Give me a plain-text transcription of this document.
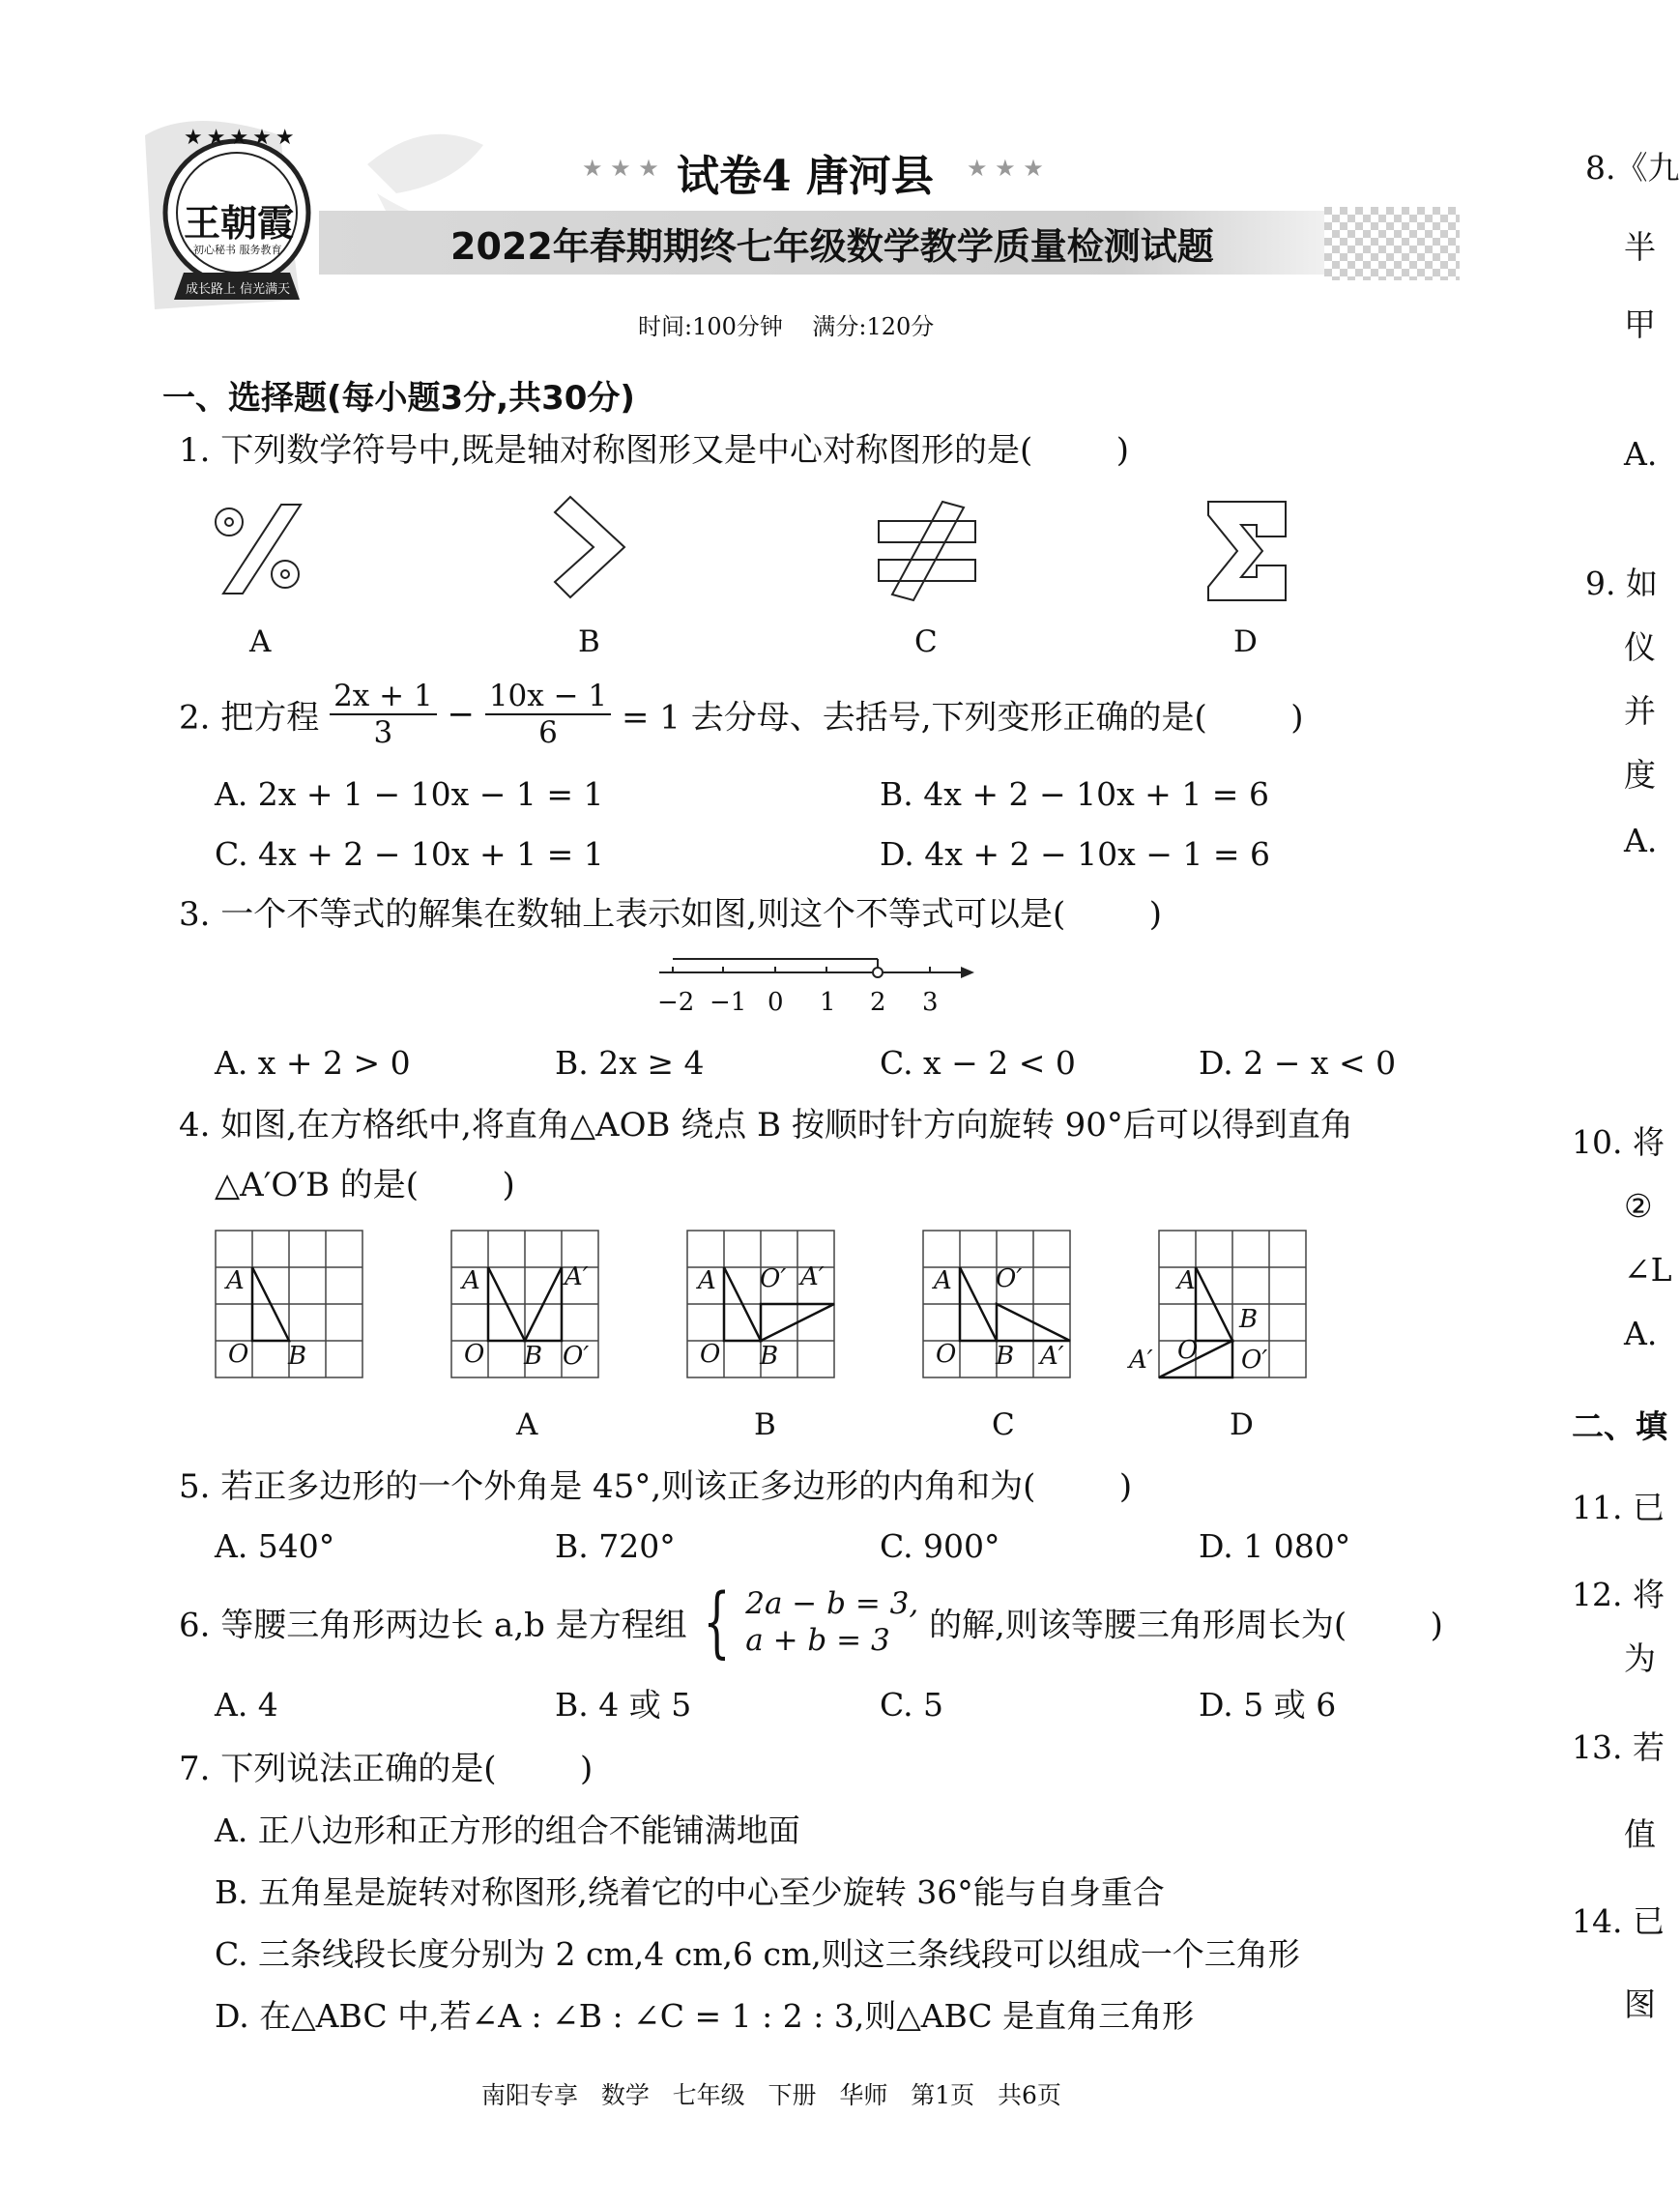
★★★★★
王朝霞
初心秘书 服务教育
成长路上 信光满天
★ ★ ★ 试卷4 唐河县 ★ ★ ★
2022年春期期终七年级数学教学质量检测试题
时间:100分钟    满分:120分
一、选择题(每小题3分,共30分)
1. 下列数学符号中,既是轴对称图形又是中心对称图形的是(        )
A	B	C	D
2. 把方程 $\frac{2x + 1}{3} - \frac{10x - 1}{6} = 1$ 去分母、去括号,下列变形正确的是(        )
A. 2x + 1 − 10x − 1 = 1	B. 4x + 2 − 10x + 1 = 6
C. 4x + 2 − 10x + 1 = 1	D. 4x + 2 − 10x − 1 = 6
3. 一个不等式的解集在数轴上表示如图,则这个不等式可以是(        )
−2 −1 0 1 2 3
A. x + 2 > 0	B. 2x ≥ 4	C. x − 2 < 0	D. 2 − x < 0
4. 如图,在方格纸中,将直角△AOB 绕点 B 按顺时针方向旋转 90°后可以得到直角
△A′O′B 的是(        )
A
O B
A	A′
O B O′
A O′ A′
O B
A O′
O B A′
A
B
A′ O O′
A	B	C	D
5. 若正多边形的一个外角是 45°,则该正多边形的内角和为(        )
A. 540°	B. 720°	C. 900°	D. 1 080°
6. 等腰三角形两边长 a,b 是方程组 { 2a − b = 3,
a + b = 3	的解,则该等腰三角形周长为(        )
A. 4	B. 4 或 5	C. 5	D. 5 或 6
7. 下列说法正确的是(        )
A. 正八边形和正方形的组合不能铺满地面
B. 五角星是旋转对称图形,绕着它的中心至少旋转 36°能与自身重合
C. 三条线段长度分别为 2 cm,4 cm,6 cm,则这三条线段可以组成一个三角形
D. 在△ABC 中,若∠A : ∠B : ∠C = 1 : 2 : 3,则△ABC 是直角三角形
南阳专享   数学   七年级   下册   华师   第1页   共6页
8.《九
半
甲
A.
9. 如
仪
并
度
A.
10. 将
②
∠L
A.
二、填
11. 已
12. 将
为
13. 若
值
14. 已
图
